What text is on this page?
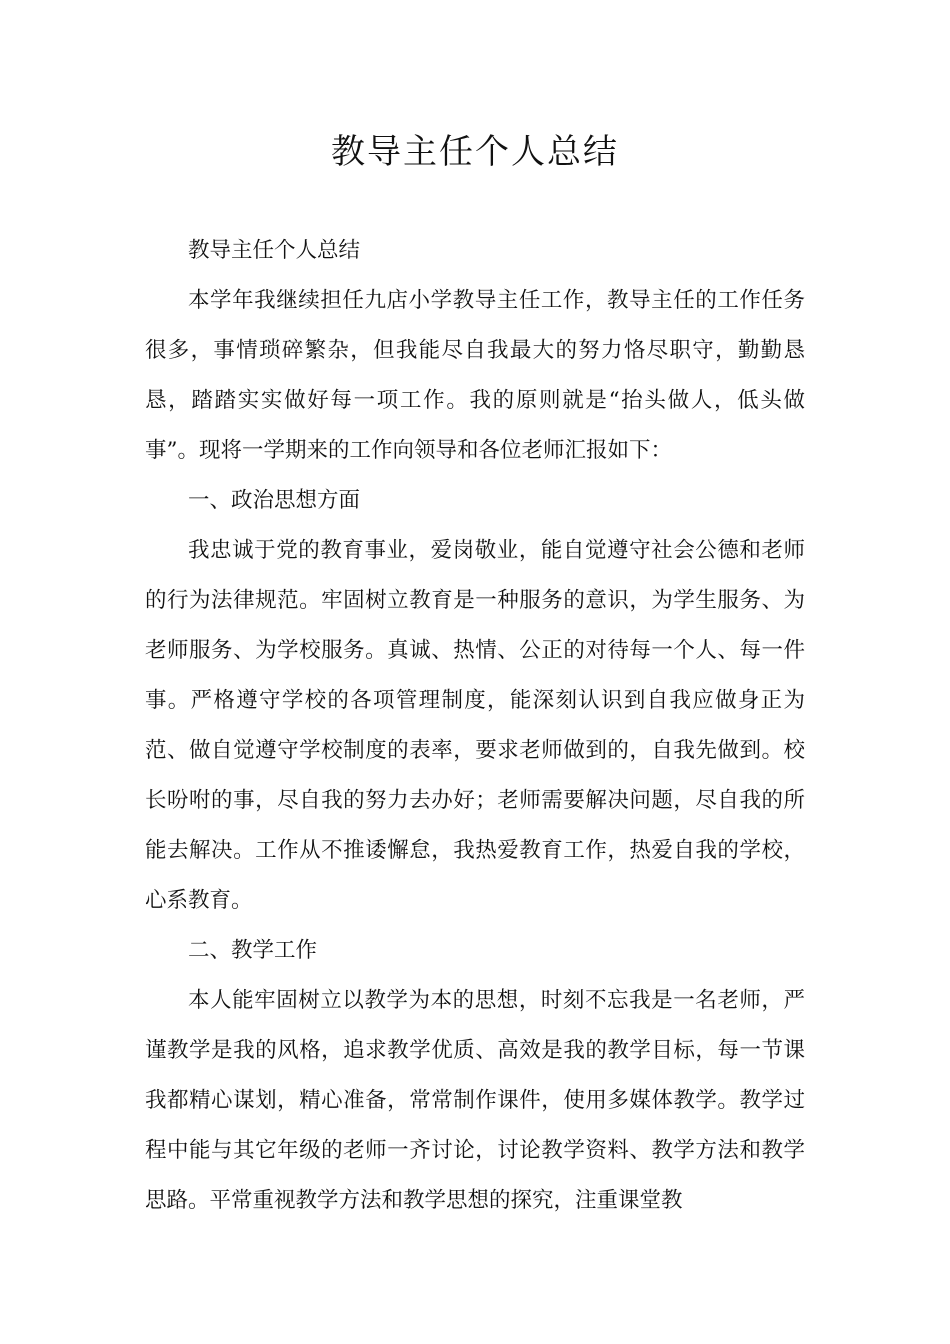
教导主任个人总结

教导主任个人总结

本学年我继续担任九店小学教导主任工作，教导主任的工作任务很多，事情琐碎繁杂，但我能尽自我最大的努力恪尽职守，勤勤恳恳，踏踏实实做好每一项工作。我的原则就是“抬头做人，低头做事”。现将一学期来的工作向领导和各位老师汇报如下：

一、政治思想方面

我忠诚于党的教育事业，爱岗敬业，能自觉遵守社会公德和老师的行为法律规范。牢固树立教育是一种服务的意识，为学生服务、为老师服务、为学校服务。真诚、热情、公正的对待每一个人、每一件事。严格遵守学校的各项管理制度，能深刻认识到自我应做身正为范、做自觉遵守学校制度的表率，要求老师做到的，自我先做到。校长吩咐的事，尽自我的努力去办好；老师需要解决问题，尽自我的所能去解决。工作从不推诿懈怠，我热爱教育工作，热爱自我的学校，心系教育。

二、教学工作

本人能牢固树立以教学为本的思想，时刻不忘我是一名老师，严谨教学是我的风格，追求教学优质、高效是我的教学目标，每一节课我都精心谋划，精心准备，常常制作课件，使用多媒体教学。教学过程中能与其它年级的老师一齐讨论，讨论教学资料、教学方法和教学思路。平常重视教学方法和教学思想的探究，注重课堂教
